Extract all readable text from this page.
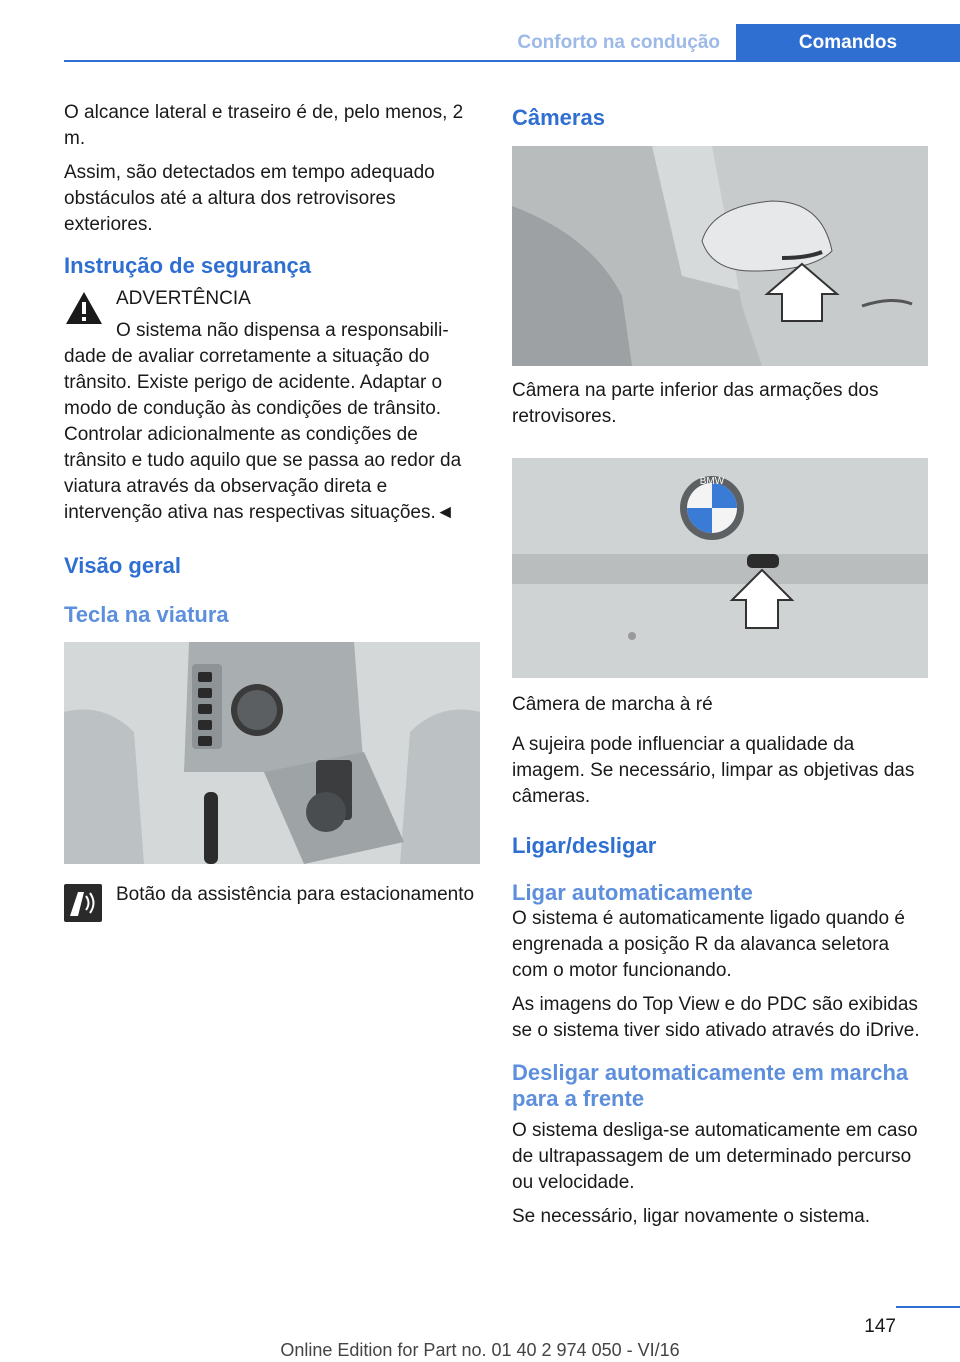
Conforto na condução	Comandos

O alcance lateral e traseiro é de, pelo menos, 2 m.

Assim, são detectados em tempo adequado obstáculos até a altura dos retrovisores exteriores.

Instrução de segurança

ADVERTÊNCIA

O sistema não dispensa a responsabili-

dade de avaliar corretamente a situação do trânsito. Existe perigo de acidente. Adaptar o modo de condução às condições de trânsito. Controlar adicionalmente as condições de trânsito e tudo aquilo que se passa ao redor da viatura através da observação direta e intervenção ativa nas respectivas situações.◄

Visão geral
Tecla na viatura

Botão da assistência para estacionamento

Câmeras

Câmera na parte inferior das armações dos retrovisores.

BMW

Câmera de marcha à ré

A sujeira pode influenciar a qualidade da imagem. Se necessário, limpar as objetivas das câmeras.

Ligar/desligar
Ligar automaticamente

O sistema é automaticamente ligado quando é engrenada a posição R da alavanca seletora com o motor funcionando.

As imagens do Top View e do PDC são exibidas se o sistema tiver sido ativado através do iDrive.

Desligar automaticamente em marcha para a frente

O sistema desliga-se automaticamente em caso de ultrapassagem de um determinado percurso ou velocidade.

Se necessário, ligar novamente o sistema.

147
Online Edition for Part no. 01 40 2 974 050 - VI/16
